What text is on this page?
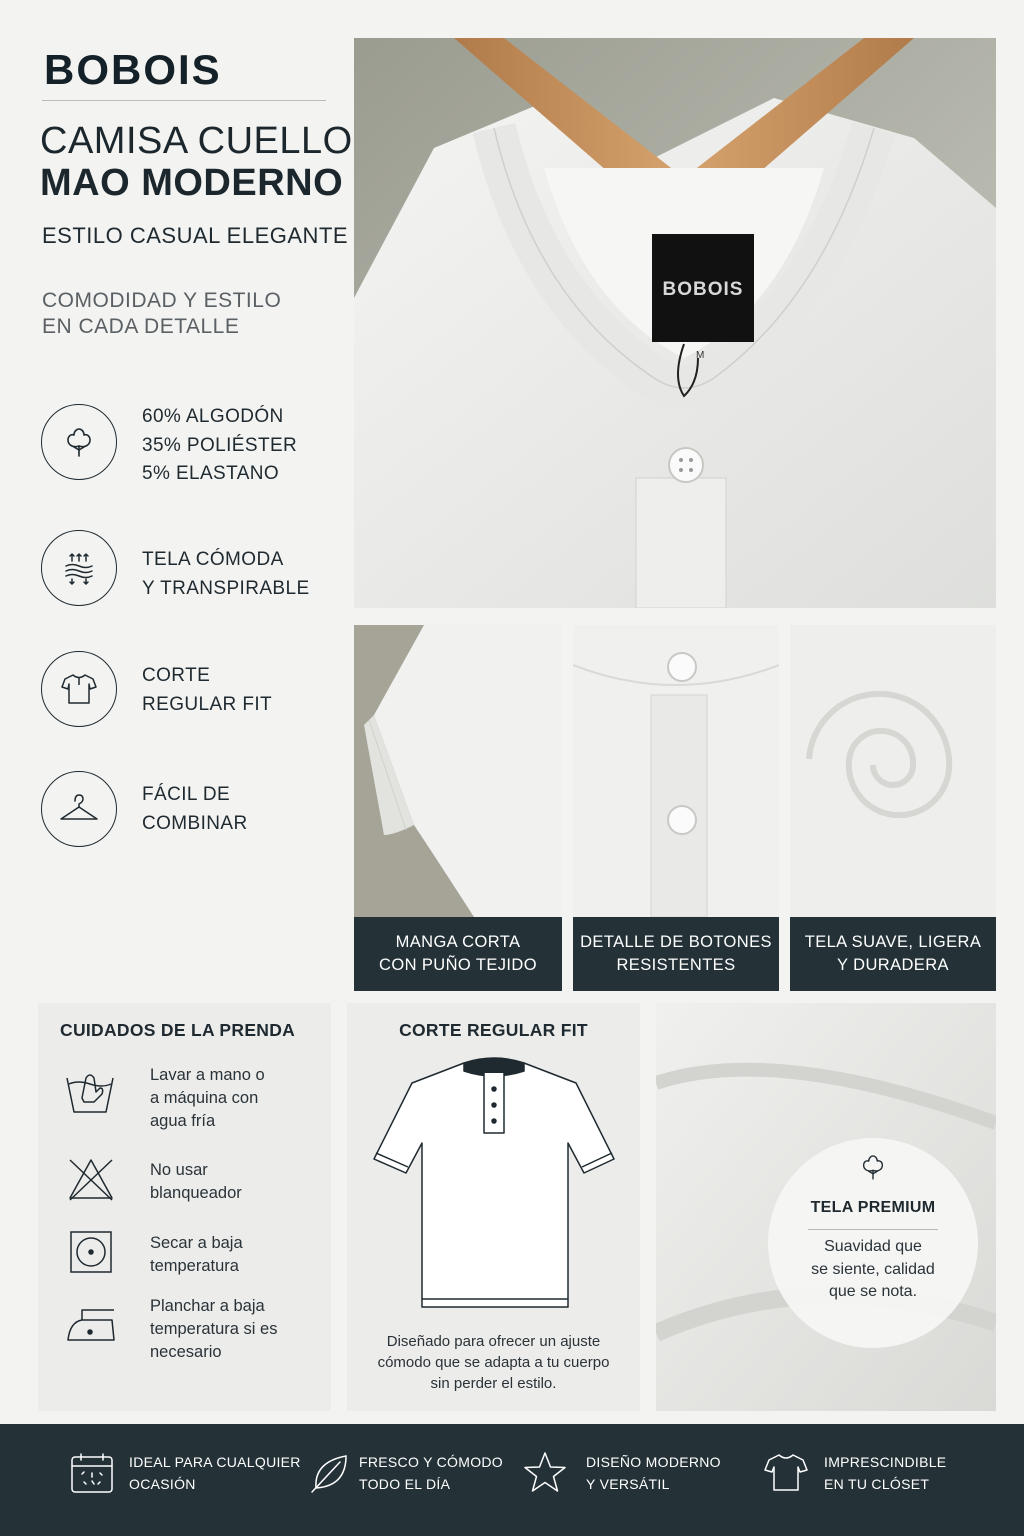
BOBOIS
CAMISA CUELLO
MAO MODERNO
ESTILO CASUAL ELEGANTE
COMODIDAD Y ESTILO
EN CADA DETALLE
60% ALGODÓN
35% POLIÉSTER
5% ELASTANO
TELA CÓMODA
Y TRANSPIRABLE
CORTE
REGULAR FIT
FÁCIL DE
COMBINAR
BOBOIS
M
MANGA CORTA
CON PUÑO TEJIDO
DETALLE DE BOTONES
RESISTENTES
TELA SUAVE, LIGERA
Y DURADERA
CUIDADOS DE LA PRENDA
Lavar a mano o
a máquina con
agua fría
No usar
blanqueador
Secar a baja
temperatura
Planchar a baja
temperatura si es
necesario
CORTE REGULAR FIT
Diseñado para ofrecer un ajuste
cómodo que se adapta a tu cuerpo
sin perder el estilo.
TELA PREMIUM
Suavidad que
se siente, calidad
que se nota.
IDEAL PARA CUALQUIER
OCASIÓN
FRESCO Y CÓMODO
TODO EL DÍA
DISEÑO MODERNO
Y VERSÁTIL
IMPRESCINDIBLE
EN TU CLÓSET
